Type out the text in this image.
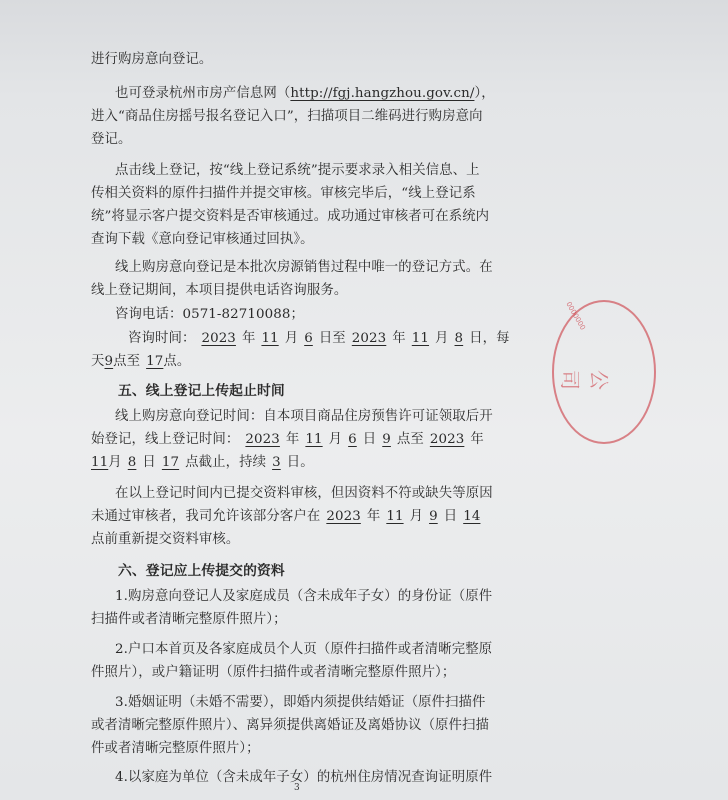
进行购房意向登记。
也可登录杭州市房产信息网（http://fgj.hangzhou.gov.cn/），
进入“商品住房摇号报名登记入口”，扫描项目二维码进行购房意向
登记。
点击线上登记，按“线上登记系统”提示要求录入相关信息、上
传相关资料的原件扫描件并提交审核。审核完毕后，“线上登记系
统”将显示客户提交资料是否审核通过。成功通过审核者可在系统内
查询下载《意向登记审核通过回执》。
线上购房意向登记是本批次房源销售过程中唯一的登记方式。在
线上登记期间，本项目提供电话咨询服务。
咨询电话：0571-82710088；
咨询时间： 2023 年 11 月 6 日至 2023 年 11 月 8 日，每
天9点至 17点。
五、线上登记上传起止时间
线上购房意向登记时间：自本项目商品住房预售许可证领取后开
始登记，线上登记时间： 2023 年 11 月 6 日 9 点至 2023 年
11月 8 日 17 点截止，持续 3 日。
在以上登记时间内已提交资料审核，但因资料不符或缺失等原因
未通过审核者，我司允许该部分客户在 2023 年 11 月 9 日 14
点前重新提交资料审核。
六、登记应上传提交的资料
1.购房意向登记人及家庭成员（含未成年子女）的身份证（原件
扫描件或者清晰完整原件照片）；
2.户口本首页及各家庭成员个人页（原件扫描件或者清晰完整原
件照片），或户籍证明（原件扫描件或者清晰完整原件照片）；
3.婚姻证明（未婚不需要），即婚内须提供结婚证（原件扫描件
或者清晰完整原件照片）、离异须提供离婚证及离婚协议（原件扫描
件或者清晰完整原件照片）；
4.以家庭为单位（含未成年子女）的杭州住房情况查询证明原件
3
公司
0000000
